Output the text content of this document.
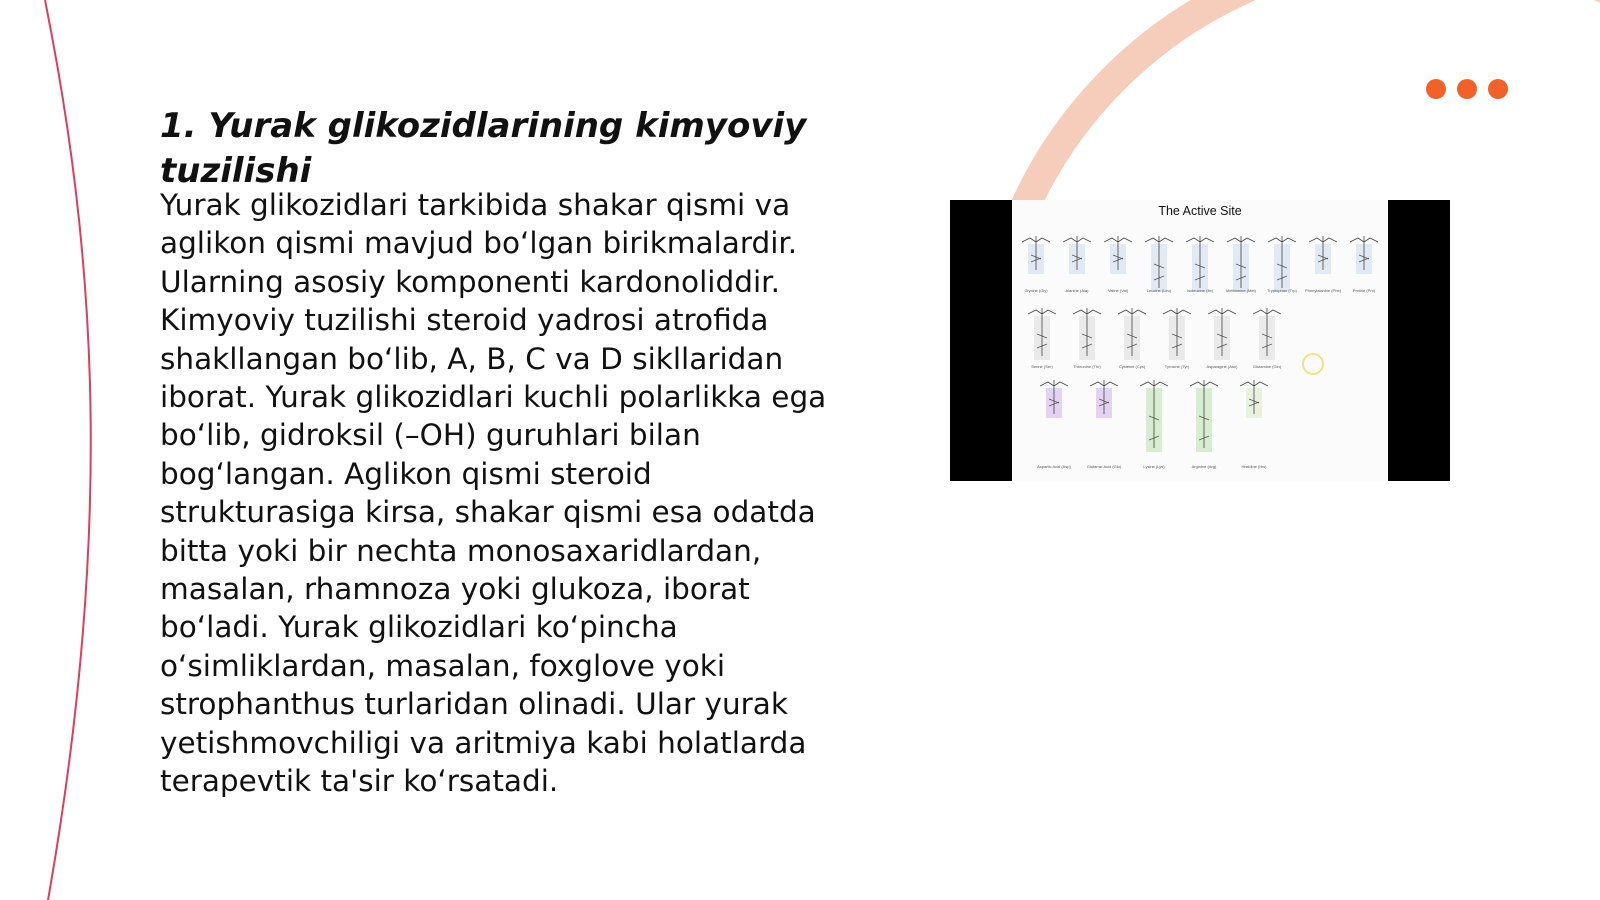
1. Yurak glikozidlarining kimyoviy tuzilishi

Yurak glikozidlari tarkibida shakar qismi va aglikon qismi mavjud bo‘lgan birikmalardir. Ularning asosiy komponenti kardonoliddir. Kimyoviy tuzilishi steroid yadrosi atrofida shakllangan bo‘lib, A, B, C va D sikllaridan iborat. Yurak glikozidlari kuchli polarlikka ega bo‘lib, gidroksil (–OH) guruhlari bilan bog‘langan. Aglikon qismi steroid strukturasiga kirsa, shakar qismi esa odatda bitta yoki bir nechta monosaxaridlardan, masalan, rhamnoza yoki glukoza, iborat bo‘ladi. Yurak glikozidlari ko‘pincha o‘simliklardan, masalan, foxglove yoki strophanthus turlaridan olinadi. Ular yurak yetishmovchiligi va aritmiya kabi holatlarda terapevtik ta'sir ko‘rsatadi.

The Active Site
Glycine (Gly)	Alanine (Ala)	Valine (Val)	Leucine (Leu)	Isoleucine (Ile)	Methionine (Met)	Tryptophan (Trp) Phenylalanine (Phe)	Proline (Pro)
Serine (Ser)	Threonine (Thr)	Cysteine (Cys)	Tyrosine (Tyr)	Asparagine (Asn)	Glutamine (Gln)
Aspartic Acid (Asp)	Glutamic Acid (Glu)	Lysine (Lys)	Arginine (Arg)	Histidine (His)
